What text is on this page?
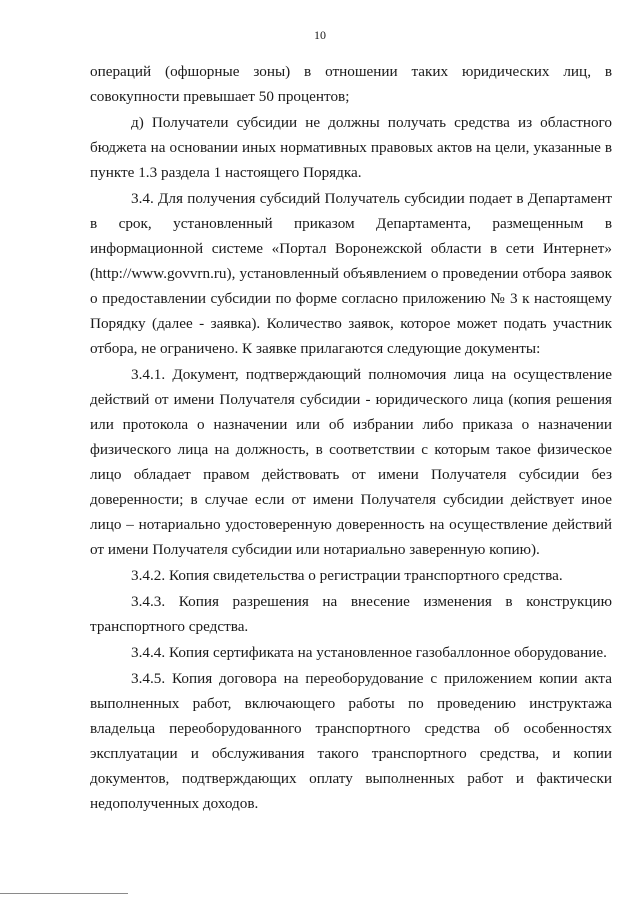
10
операций (офшорные зоны) в отношении таких юридических лиц, в
совокупности превышает 50 процентов;
д) Получатели субсидии не должны получать средства из областного
бюджета на основании иных нормативных правовых актов на цели, указанные в
пункте 1.3 раздела 1 настоящего Порядка.
3.4. Для получения субсидий Получатель субсидии подает в Департамент
в срок, установленный приказом Департамента, размещенным в
информационной системе «Портал Воронежской области в сети Интернет»
(http://www.govvrn.ru), установленный объявлением о проведении отбора заявок
о предоставлении субсидии по форме согласно приложению № 3 к настоящему
Порядку (далее - заявка). Количество заявок, которое может подать участник
отбора, не ограничено. К заявке прилагаются следующие документы:
3.4.1. Документ, подтверждающий полномочия лица на осуществление
действий от имени Получателя субсидии - юридического лица (копия решения
или протокола о назначении или об избрании либо приказа о назначении
физического лица на должность, в соответствии с которым такое физическое
лицо обладает правом действовать от имени Получателя субсидии без
доверенности; в случае если от имени Получателя субсидии действует иное
лицо – нотариально удостоверенную доверенность на осуществление действий
от имени Получателя субсидии или нотариально заверенную копию).
3.4.2. Копия свидетельства о регистрации транспортного средства.
3.4.3. Копия разрешения на внесение изменения в конструкцию
транспортного средства.
3.4.4. Копия сертификата на установленное газобаллонное оборудование.
3.4.5. Копия договора на переоборудование с приложением копии акта
выполненных работ, включающего работы по проведению инструктажа
владельца переоборудованного транспортного средства об особенностях
эксплуатации и обслуживания такого транспортного средства, и копии
документов, подтверждающих оплату выполненных работ и фактически
недополученных доходов.
